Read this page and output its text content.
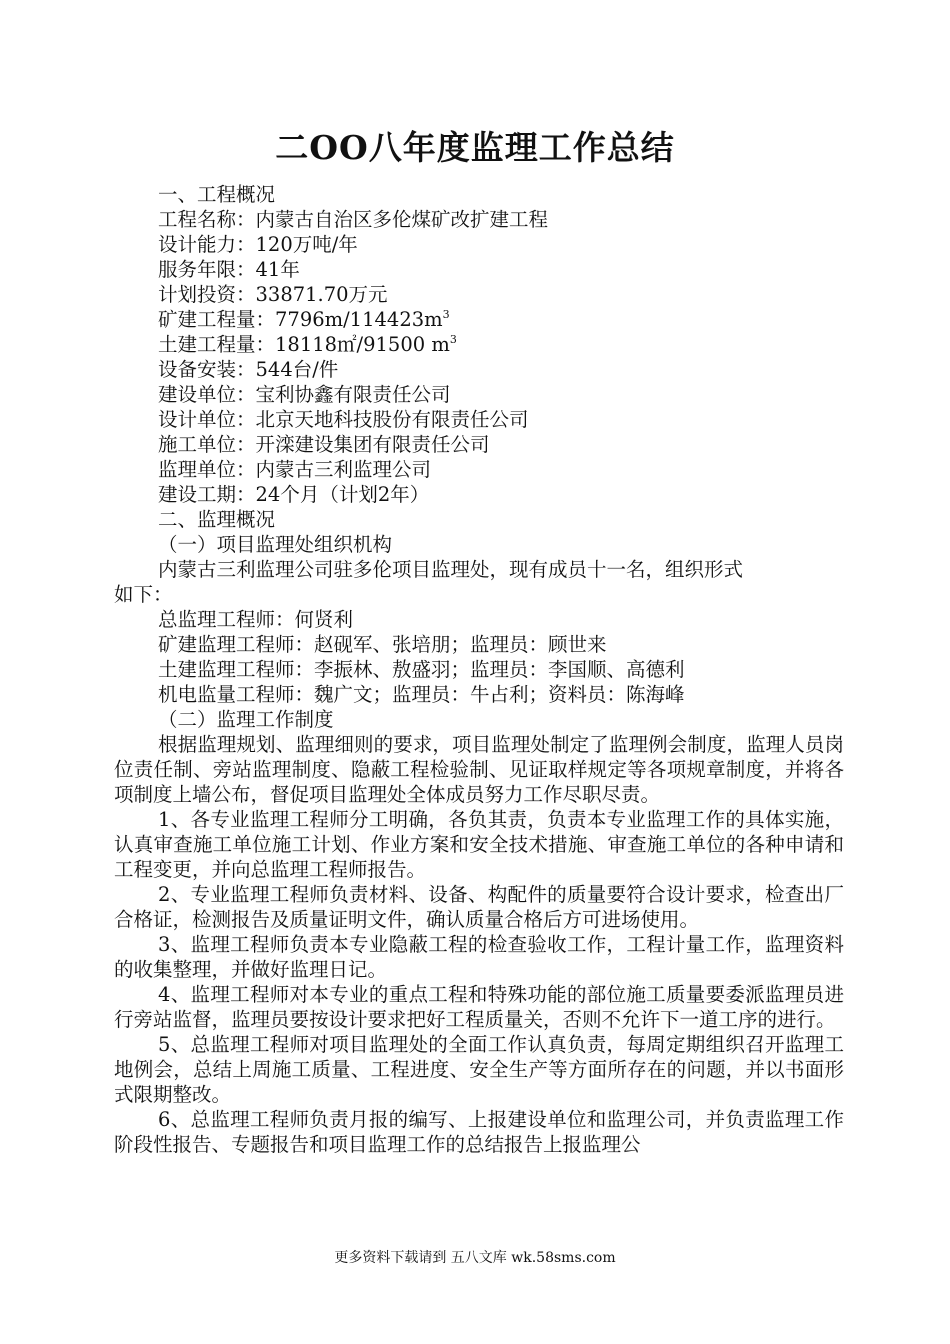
二OO八年度监理工作总结
一、工程概况
工程名称：内蒙古自治区多伦煤矿改扩建工程
设计能力：120万吨/年
服务年限：41年
计划投资：33871.70万元
矿建工程量：$7796m/114423m^3$
土建工程量：18118㎡/91500 $m^3$
设备安装：544台/件
建设单位：宝利协鑫有限责任公司
设计单位：北京天地科技股份有限责任公司
施工单位：开滦建设集团有限责任公司
监理单位：内蒙古三利监理公司
建设工期：24个月（计划2年）
二、监理概况
（一）项目监理处组织机构
内蒙古三利监理公司驻多伦项目监理处，现有成员十一名，组织形式
如下：
总监理工程师：何贤利
矿建监理工程师：赵砚军、张培朋；监理员：顾世来
土建监理工程师：李振林、敖盛羽；监理员：李国顺、高德利
机电监量工程师：魏广文；监理员：牛占利；资料员：陈海峰
（二）监理工作制度
根据监理规划、监理细则的要求，项目监理处制定了监理例会制度，监理人员岗位责任制、旁站监理制度、隐蔽工程检验制、见证取样规定等各项规章制度，并将各项制度上墙公布，督促项目监理处全体成员努力工作尽职尽责。
1、各专业监理工程师分工明确，各负其责，负责本专业监理工作的具体实施，认真审查施工单位施工计划、作业方案和安全技术措施、审查施工单位的各种申请和工程变更，并向总监理工程师报告。
2、专业监理工程师负责材料、设备、构配件的质量要符合设计要求，检查出厂合格证，检测报告及质量证明文件，确认质量合格后方可进场使用。
3、监理工程师负责本专业隐蔽工程的检查验收工作，工程计量工作，监理资料的收集整理，并做好监理日记。
4、监理工程师对本专业的重点工程和特殊功能的部位施工质量要委派监理员进行旁站监督，监理员要按设计要求把好工程质量关，否则不允许下一道工序的进行。
5、总监理工程师对项目监理处的全面工作认真负责，每周定期组织召开监理工地例会，总结上周施工质量、工程进度、安全生产等方面所存在的问题，并以书面形式限期整改。
6、总监理工程师负责月报的编写、上报建设单位和监理公司，并负责监理工作阶段性报告、专题报告和项目监理工作的总结报告上报监理公
更多资料下载请到 五八文库 wk.58sms.com
